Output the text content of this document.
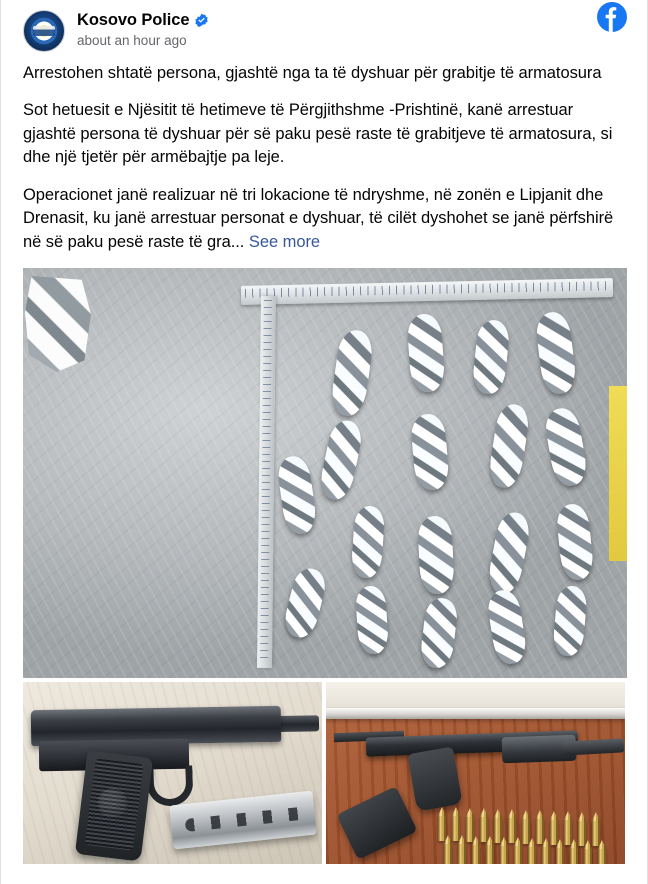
Kosovo Police
about an hour ago

Arrestohen shtatë persona, gjashtë nga ta të dyshuar për grabitje të armatosura

Sot hetuesit e Njësitit të hetimeve të Përgjithshme -Prishtinë, kanë arrestuar gjashtë persona të dyshuar për së paku pesë raste të grabitjeve të armatosura, si dhe një tjetër për armëbajtje pa leje.

Operacionet janë realizuar në tri lokacione të ndryshme, në zonën e Lipjanit dhe Drenasit, ku janë arrestuar personat e dyshuar, të cilët dyshohet se janë përfshirë në së paku pesë raste të gra... See more
